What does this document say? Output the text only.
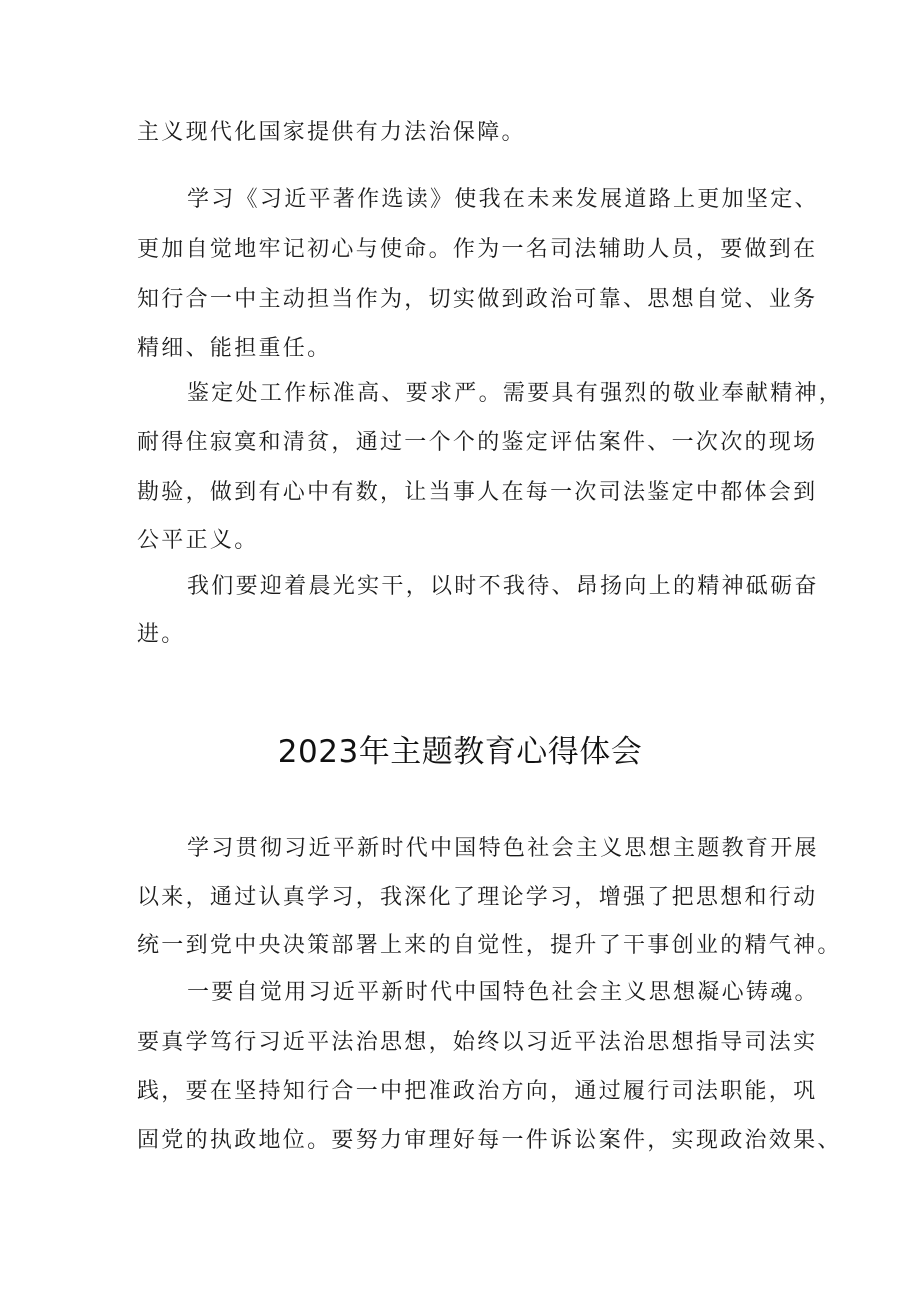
主义现代化国家提供有力法治保障。
学习《习近平著作选读》使我在未来发展道路上更加坚定、
更加自觉地牢记初心与使命。作为一名司法辅助人员，要做到在
知行合一中主动担当作为，切实做到政治可靠、思想自觉、业务
精细、能担重任。
鉴定处工作标准高、要求严。需要具有强烈的敬业奉献精神，
耐得住寂寞和清贫，通过一个个的鉴定评估案件、一次次的现场
勘验，做到有心中有数，让当事人在每一次司法鉴定中都体会到
公平正义。
我们要迎着晨光实干，以时不我待、昂扬向上的精神砥砺奋
进。
2023年主题教育心得体会
学习贯彻习近平新时代中国特色社会主义思想主题教育开展
以来，通过认真学习，我深化了理论学习，增强了把思想和行动
统一到党中央决策部署上来的自觉性，提升了干事创业的精气神。
一要自觉用习近平新时代中国特色社会主义思想凝心铸魂。
要真学笃行习近平法治思想，始终以习近平法治思想指导司法实
践，要在坚持知行合一中把准政治方向，通过履行司法职能，巩
固党的执政地位。要努力审理好每一件诉讼案件，实现政治效果、
